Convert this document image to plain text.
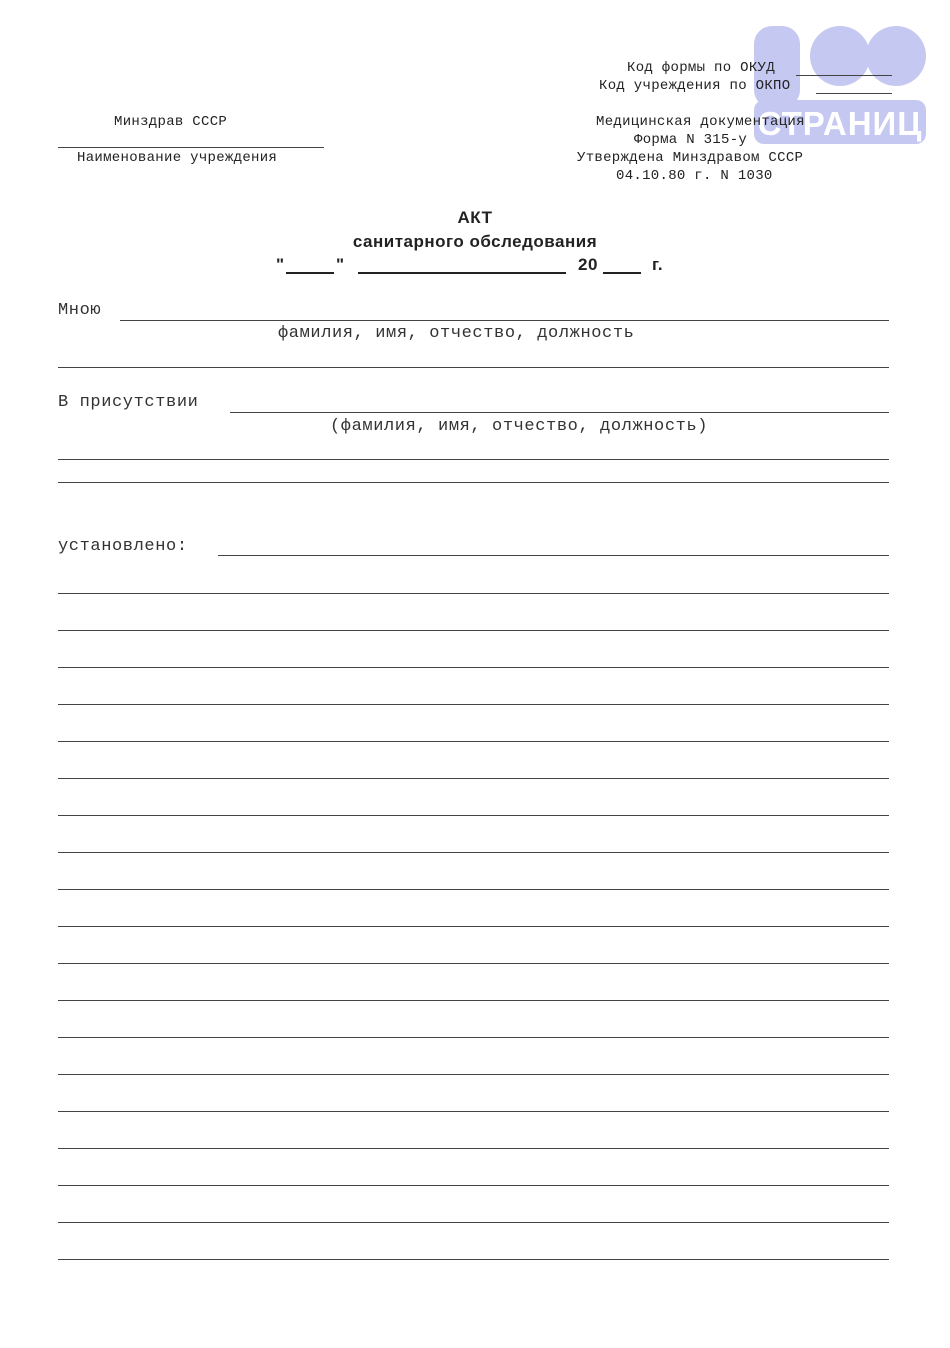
СТРАНИЦ
Код формы по ОКУД
Код учреждения по ОКПО
Медицинская документация
Форма N 315-у
Утверждена Минздравом СССР
04.10.80 г. N 1030
Минздрав СССР
Наименование учреждения
АКТ
санитарного обследования
"	"	20	г.
Мною
фамилия, имя, отчество, должность
В присутствии
(фамилия, имя, отчество, должность)
установлено:
